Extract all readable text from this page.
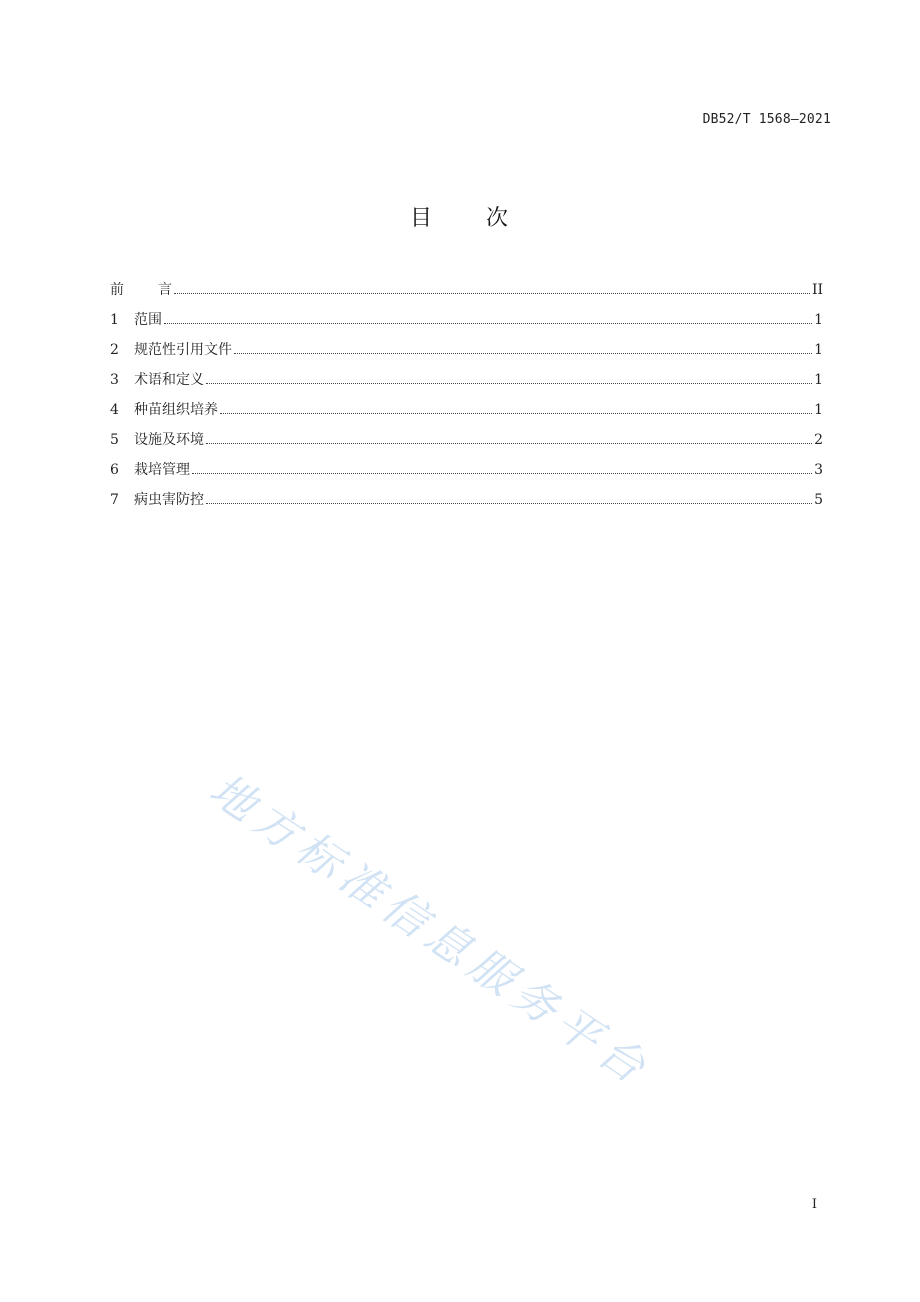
DB52/T 1568—2021
目 次
前 言	II
1	范围	1
2	规范性引用文件	1
3	术语和定义	1
4	种苗组织培养	1
5	设施及环境	2
6	栽培管理	3
7	病虫害防控	5
地方标准信息服务平台
I
